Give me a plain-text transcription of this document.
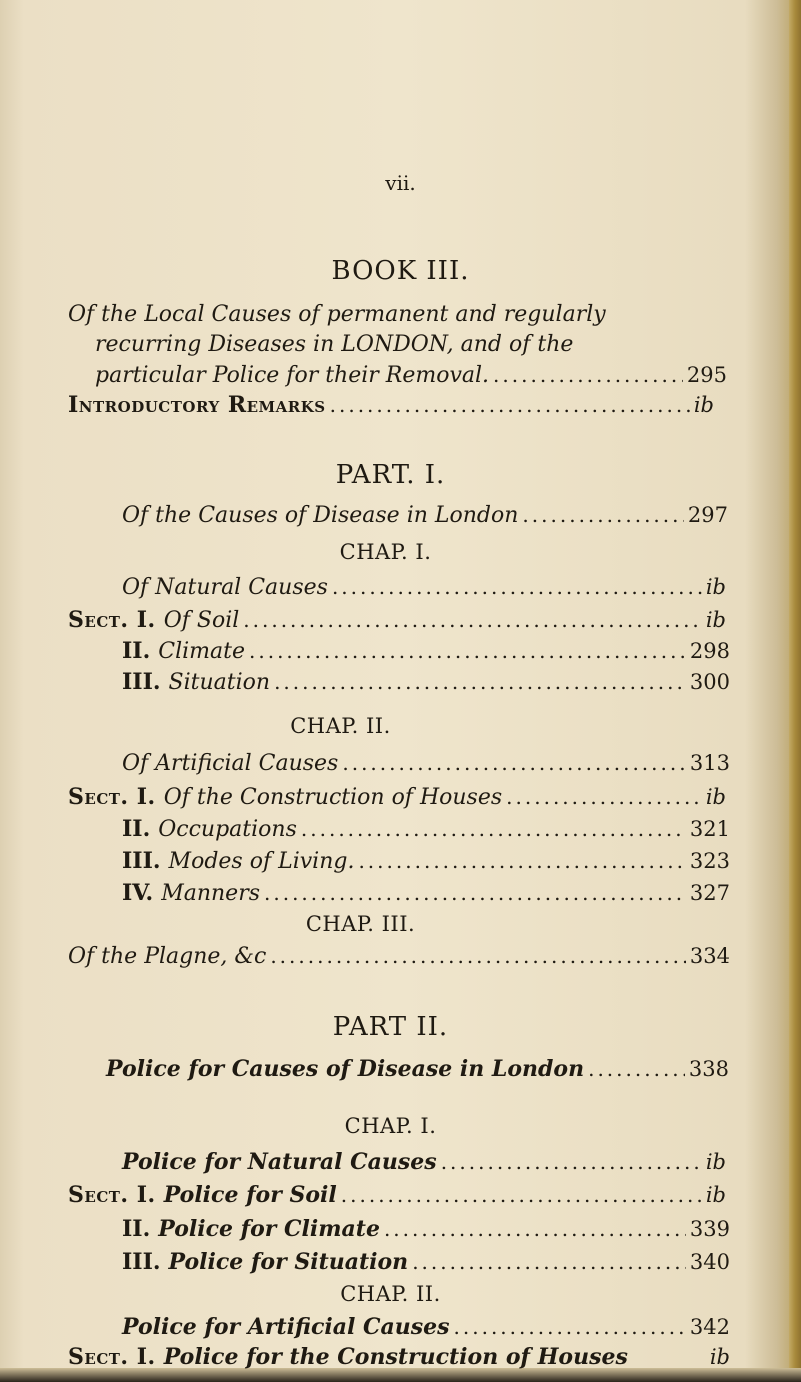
vii.

BOOK III.

Of the Local Causes of permanent and regularly

recurring Diseases in LONDON, and of the

particular Police for their Removal. .....	295
Introductory Remarks .....	ib

PART. I.

Of the Causes of Disease in London .....	297

CHAP. I.

Of Natural Causes .....	ib
Sect. I. Of Soil .....	ib
II. Climate .....	298
III. Situation .....	300

CHAP. II.

Of Artificial Causes .....	313
Sect. I. Of the Construction of Houses .....	ib
II. Occupations .....	321
III. Modes of Living. .....	323
IV. Manners .....	327

CHAP. III.

Of the Plagne, &c .....	334

PART II.

Police for Causes of Disease in London .....	338

CHAP. I.

Police for Natural Causes .....	ib
Sect. I. Police for Soil .....	ib
II. Police for Climate .....	339
III. Police for Situation .....	340

CHAP. II.

Police for Artificial Causes .....	342
Sect. I. Police for the Construction of Houses	ib
